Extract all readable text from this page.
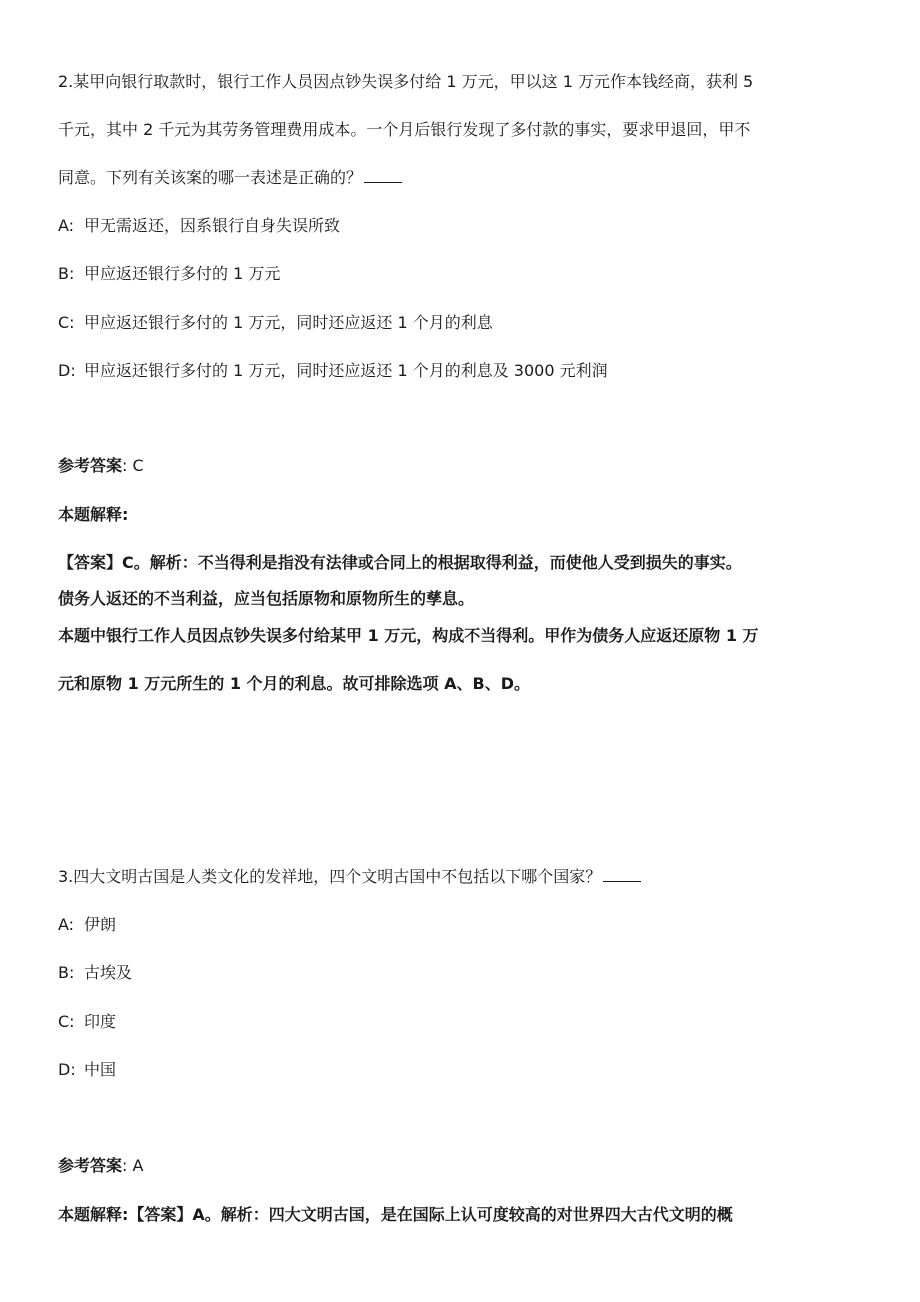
2.某甲向银行取款时，银行工作人员因点钞失误多付给 1 万元，甲以这 1 万元作本钱经商，获利 5
千元，其中 2 千元为其劳务管理费用成本。一个月后银行发现了多付款的事实，要求甲退回，甲不
同意。下列有关该案的哪一表述是正确的？
A: 甲无需返还，因系银行自身失误所致
B: 甲应返还银行多付的 1 万元
C: 甲应返还银行多付的 1 万元，同时还应返还 1 个月的利息
D: 甲应返还银行多付的 1 万元，同时还应返还 1 个月的利息及 3000 元利润
参考答案: C
本题解释:
【答案】C。解析：不当得利是指没有法律或合同上的根据取得利益，而使他人受到损失的事实。
债务人返还的不当利益，应当包括原物和原物所生的孳息。
本题中银行工作人员因点钞失误多付给某甲 1 万元，构成不当得利。甲作为债务人应返还原物 1 万
元和原物 1 万元所生的 1 个月的利息。故可排除选项 A、B、D。
3.四大文明古国是人类文化的发祥地，四个文明古国中不包括以下哪个国家？
A: 伊朗
B: 古埃及
C: 印度
D: 中国
参考答案: A
本题解释:【答案】A。解析：四大文明古国，是在国际上认可度较高的对世界四大古代文明的概
